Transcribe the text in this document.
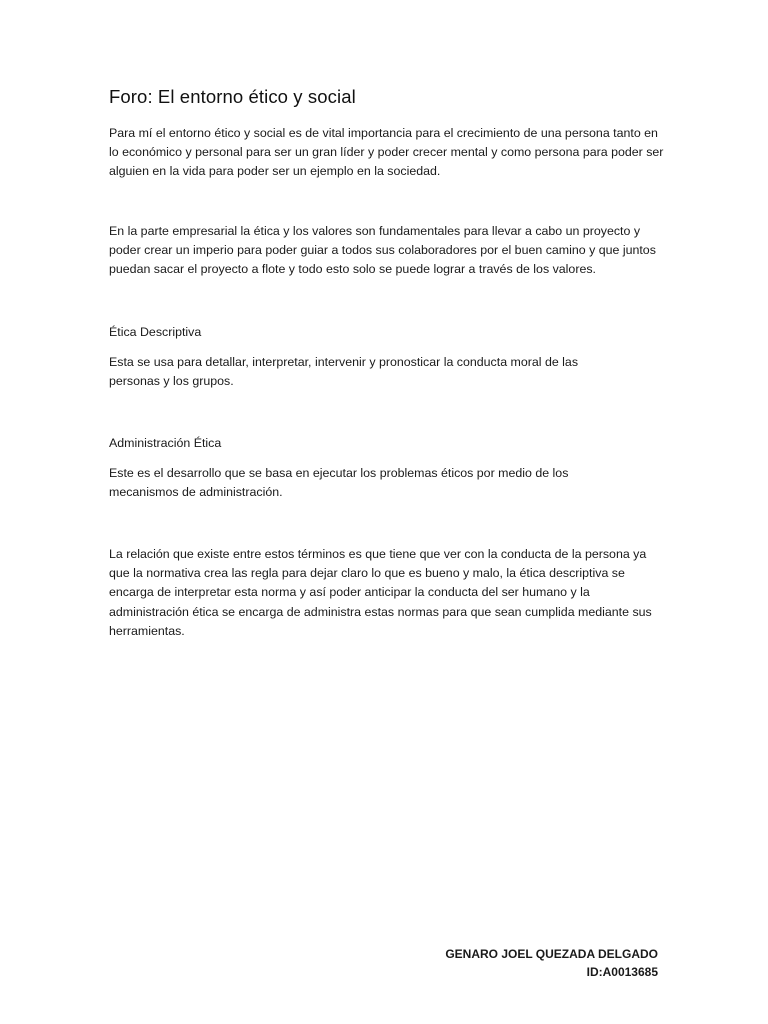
Foro: El entorno ético y social

Para mí el entorno ético y social es de vital importancia para el crecimiento de una persona tanto en lo económico y personal para ser un gran líder y poder crecer mental y como persona para poder ser alguien en la vida para poder ser un ejemplo en la sociedad.

En la parte empresarial la ética y los valores son fundamentales para llevar a cabo un proyecto y poder crear un imperio para poder guiar a todos sus colaboradores por el buen camino y que juntos puedan sacar el proyecto a flote y todo esto solo se puede lograr a través de los valores.

Ética Descriptiva

Esta se usa para detallar, interpretar, intervenir y pronosticar la conducta moral de las personas y los grupos.

Administración Ética

Este es el desarrollo que se basa en ejecutar los problemas éticos por medio de los mecanismos de administración.

La relación que existe entre estos términos es que tiene que ver con la conducta de la persona ya que la normativa crea las regla para dejar claro lo que es bueno y malo, la ética descriptiva se encarga de interpretar esta norma y así poder anticipar la conducta del ser humano y la administración ética se encarga de administra estas normas para que sean cumplida mediante sus herramientas.

GENARO JOEL QUEZADA DELGADO
ID:A0013685
